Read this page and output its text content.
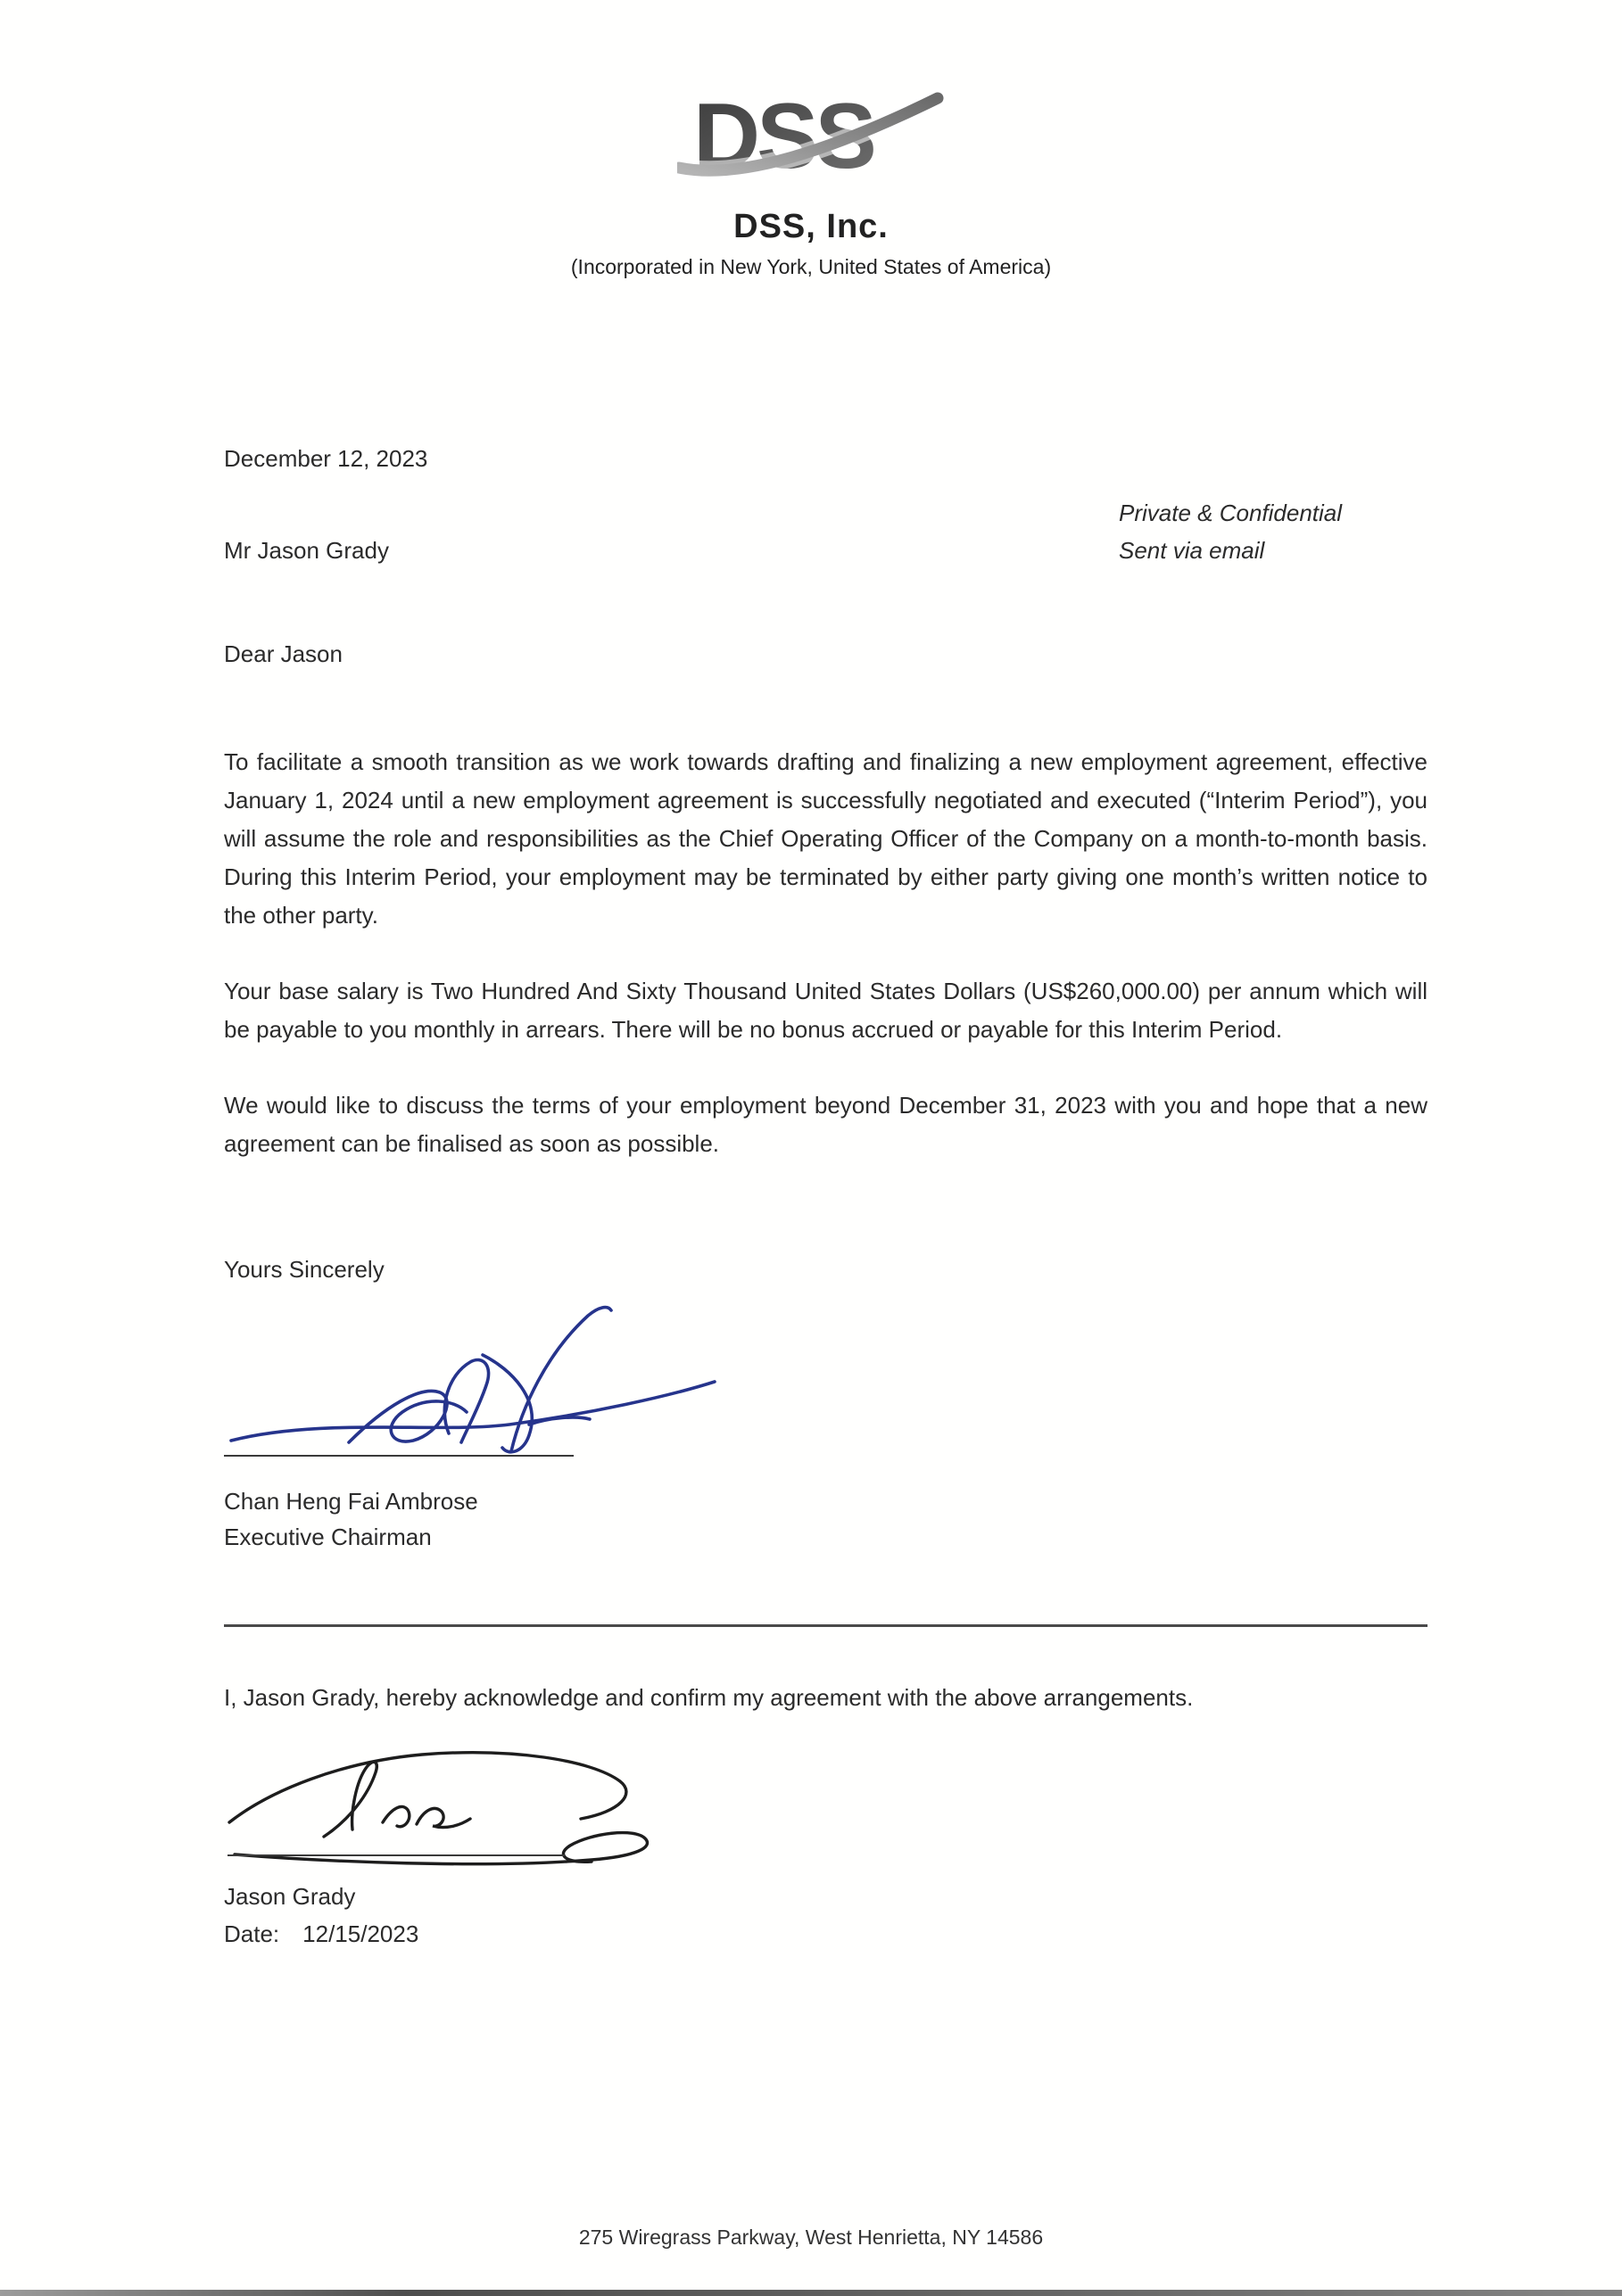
DSS
DSS, Inc.
(Incorporated in New York, United States of America)
December 12, 2023
Mr Jason Grady
Private & Confidential
Sent via email
Dear Jason

To facilitate a smooth transition as we work towards drafting and finalizing a new employment agreement, effective January 1, 2024 until a new employment agreement is successfully negotiated and executed (“Interim Period”), you will assume the role and responsibilities as the Chief Operating Officer of the Company on a month-to-month basis. During this Interim Period, your employment may be terminated by either party giving one month’s written notice to the other party.

Your base salary is Two Hundred And Sixty Thousand United States Dollars (US$260,000.00) per annum which will be payable to you monthly in arrears. There will be no bonus accrued or payable for this Interim Period.

We would like to discuss the terms of your employment beyond December 31, 2023 with you and hope that a new agreement can be finalised as soon as possible.

Yours Sincerely
Chan Heng Fai Ambrose
Executive Chairman
I, Jason Grady, hereby acknowledge and confirm my agreement with the above arrangements.
Jason Grady
Date: 12/15/2023
275 Wiregrass Parkway, West Henrietta, NY 14586
